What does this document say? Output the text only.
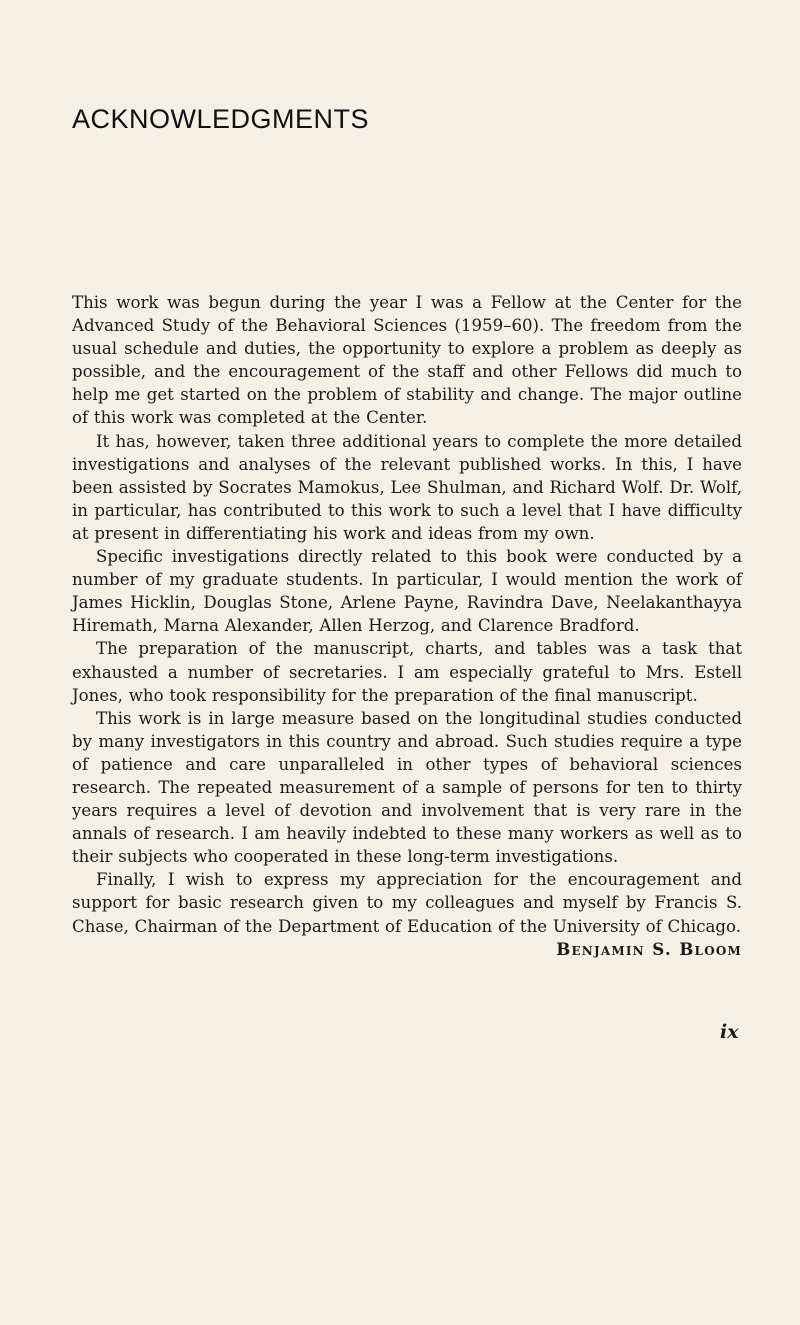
ACKNOWLEDGMENTS

This work was begun during the year I was a Fellow at the Center for the Advanced Study of the Behavioral Sciences (1959–60). The freedom from the usual schedule and duties, the opportunity to explore a problem as deeply as possible, and the encouragement of the staff and other Fellows did much to help me get started on the problem of stability and change. The major outline of this work was completed at the Center.

It has, however, taken three additional years to complete the more detailed investigations and analyses of the relevant published works. In this, I have been assisted by Socrates Mamokus, Lee Shulman, and Richard Wolf. Dr. Wolf, in particular, has contributed to this work to such a level that I have difficulty at present in differentiating his work and ideas from my own.

Specific investigations directly related to this book were conducted by a number of my graduate students. In particular, I would mention the work of James Hicklin, Douglas Stone, Arlene Payne, Ravindra Dave, Neelakanthayya Hiremath, Marna Alexander, Allen Herzog, and Clarence Bradford.

The preparation of the manuscript, charts, and tables was a task that exhausted a number of secretaries. I am especially grateful to Mrs. Estell Jones, who took responsibility for the preparation of the final manuscript.

This work is in large measure based on the longitudinal studies conducted by many investigators in this country and abroad. Such studies require a type of patience and care unparalleled in other types of behavioral sciences research. The repeated measurement of a sample of persons for ten to thirty years requires a level of devotion and involvement that is very rare in the annals of research. I am heavily indebted to these many workers as well as to their subjects who cooperated in these long-term investigations.

Finally, I wish to express my appreciation for the encouragement and support for basic research given to my colleagues and myself by Francis S. Chase, Chairman of the Department of Education of the University of Chicago.

Benjamin S. Bloom

ix
